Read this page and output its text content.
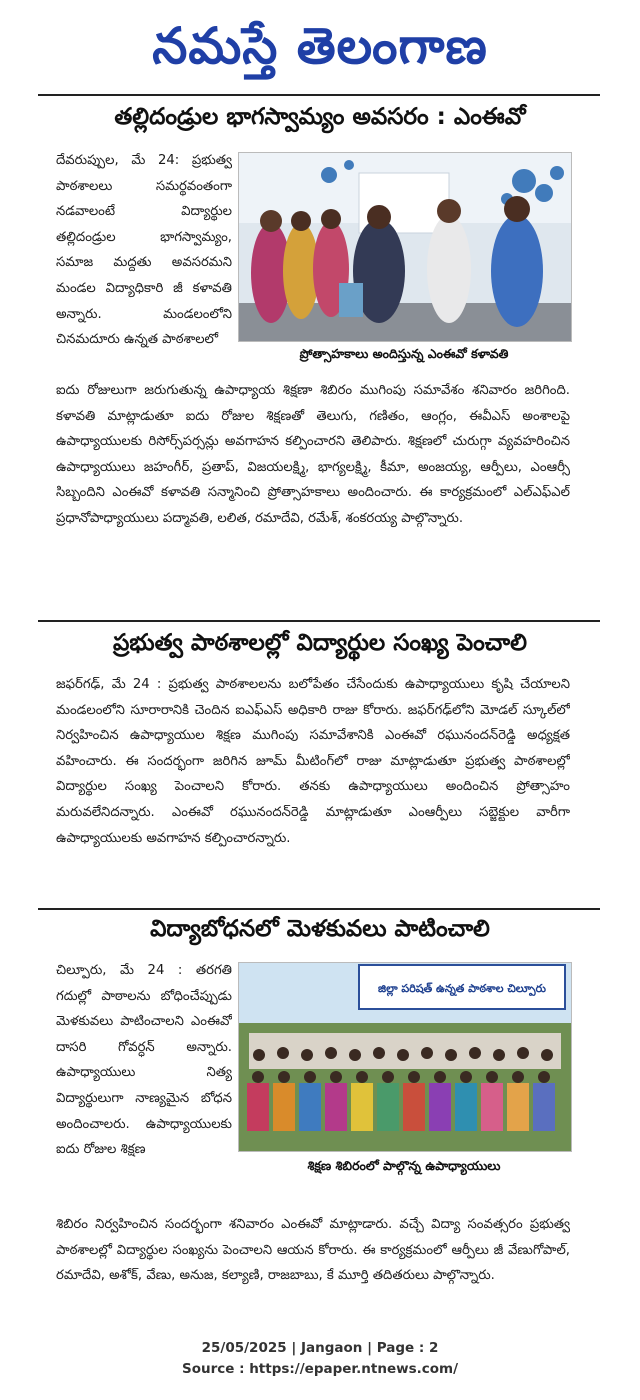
నమస్తే తెలంగాణ
తల్లిదండ్రుల భాగస్వామ్యం అవసరం : ఎంఈవో

దేవరుప్పుల, మే 24: ప్రభుత్వ పాఠశాలలు సమర్థవంతంగా నడవాలంటే విద్యార్థుల తల్లిదండ్రుల భాగస్వామ్యం, సమాజ మద్దతు అవసరమని మండల విద్యాధికారి జీ కళావతి అన్నారు. మండలంలోని చినమదూరు ఉన్నత పాఠశాలలో

ప్రోత్సాహకాలు అందిస్తున్న ఎంఈవో కళావతి

ఐదు రోజులుగా జరుగుతున్న ఉపాధ్యాయ శిక్షణా శిబిరం ముగింపు సమావేశం శనివారం జరిగింది. కళావతి మాట్లాడుతూ ఐదు రోజుల శిక్షణతో తెలుగు, గణితం, ఆంగ్లం, ఈవీఎస్ అంశాలపై ఉపాధ్యాయులకు రిసోర్స్‌పర్సన్లు అవగాహన కల్పించారని తెలిపారు. శిక్షణలో చురుగ్గా వ్యవహరించిన ఉపాధ్యాయులు జహంగీర్, ప్రతాప్, విజయలక్ష్మి, భాగ్యలక్ష్మి, కీమా, అంజయ్య, ఆర్పీలు, ఎంఆర్సీ సిబ్బందిని ఎంఈవో కళావతి సన్మానించి ప్రోత్సాహకాలు అందించారు. ఈ కార్యక్రమంలో ఎల్ఎఫ్ఎల్ ప్రధానోపాధ్యాయులు పద్మావతి, లలిత, రమాదేవి, రమేశ్, శంకరయ్య పాల్గొన్నారు.

ప్రభుత్వ పాఠశాలల్లో విద్యార్థుల సంఖ్య పెంచాలి

జఫర్‌గఢ్, మే 24 : ప్రభుత్వ పాఠశాలలను బలోపేతం చేసేందుకు ఉపాధ్యాయులు కృషి చేయాలని మండలంలోని సూరారానికి చెందిన ఐఎఫ్ఎస్ అధికారి రాజు కోరారు. జఫర్‌గఢ్‌లోని మోడల్ స్కూల్‌లో నిర్వహించిన ఉపాధ్యాయుల శిక్షణ ముగింపు సమావేశానికి ఎంఈవో రఘునందన్‌రెడ్డి అధ్యక్షత వహించారు. ఈ సందర్భంగా జరిగిన జూమ్ మీటింగ్‌లో రాజు మాట్లాడుతూ ప్రభుత్వ పాఠశాలల్లో విద్యార్థుల సంఖ్య పెంచాలని కోరారు. తనకు ఉపాధ్యాయులు అందించిన ప్రోత్సాహం మరువలేనిదన్నారు. ఎంఈవో రఘునందన్‌రెడ్డి మాట్లాడుతూ ఎంఆర్పీలు సబ్జెక్టుల వారీగా ఉపాధ్యాయులకు అవగాహన కల్పించారన్నారు.

విద్యాబోధనలో మెళకువలు పాటించాలి

చిల్పూరు, మే 24 : తరగతి గదుల్లో పాఠాలను బోధించేప్పుడు మెళకువలు పాటించాలని ఎంఈవో దాసరి గోవర్ధన్ అన్నారు. ఉపాధ్యాయులు నిత్య విద్యార్థులుగా నాణ్యమైన బోధన అందించాలరు. ఉపాధ్యాయులకు ఐదు రోజుల శిక్షణ

జిల్లా పరిషత్ ఉన్నత పాఠశాల చిల్పూరు
శిక్షణ శిబిరంలో పాల్గొన్న ఉపాధ్యాయులు

శిబిరం నిర్వహించిన సందర్భంగా శనివారం ఎంఈవో మాట్లాడారు. వచ్చే విద్యా సంవత్సరం ప్రభుత్వ పాఠశాలల్లో విద్యార్థుల సంఖ్యను పెంచాలని ఆయన కోరారు. ఈ కార్యక్రమంలో ఆర్పీలు జీ వేణుగోపాల్, రమాదేవి, అశోక్, వేణు, అనుజ, కల్యాణి, రాజబాబు, కే మూర్తి తదితరులు పాల్గొన్నారు.

25/05/2025 | Jangaon | Page : 2
Source : https://epaper.ntnews.com/
